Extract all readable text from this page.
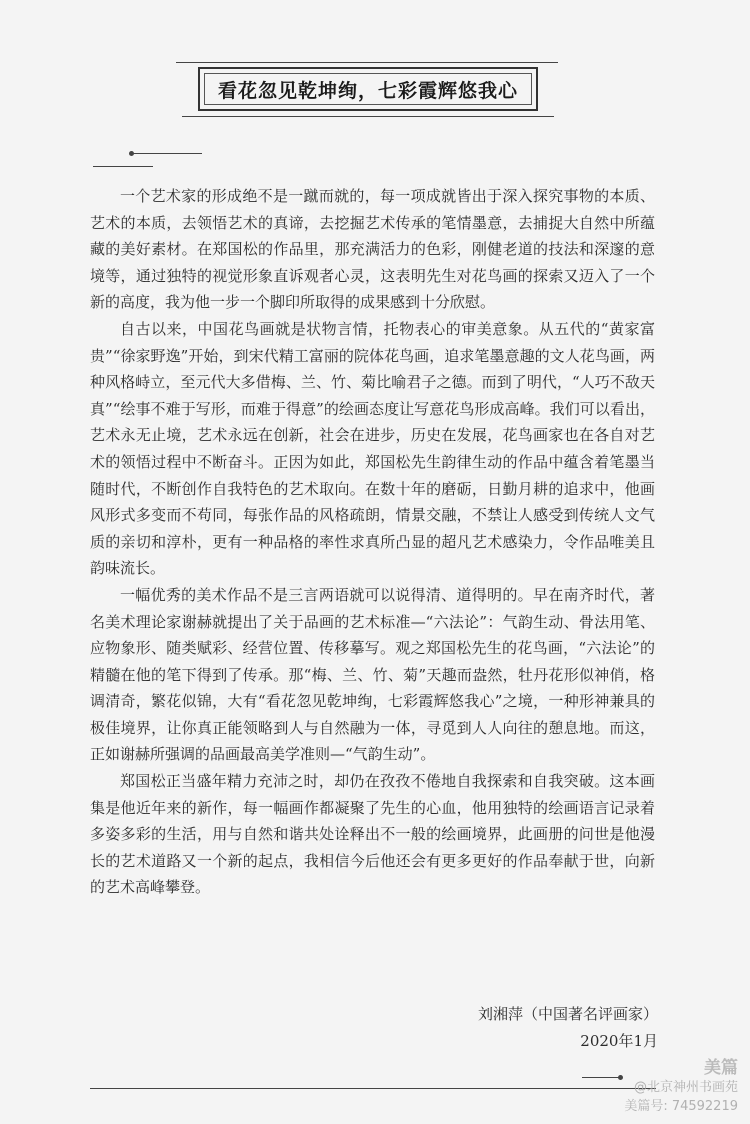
看花忽见乾坤绚，七彩霞辉悠我心

一个艺术家的形成绝不是一蹴而就的，每一项成就皆出于深入探究事物的本质、艺术的本质，去领悟艺术的真谛，去挖掘艺术传承的笔情墨意，去捕捉大自然中所蕴藏的美好素材。在郑国松的作品里，那充满活力的色彩，刚健老道的技法和深邃的意境等，通过独特的视觉形象直诉观者心灵，这表明先生对花鸟画的探索又迈入了一个新的高度，我为他一步一个脚印所取得的成果感到十分欣慰。

自古以来，中国花鸟画就是状物言情，托物表心的审美意象。从五代的“黄家富贵”“徐家野逸”开始，到宋代精工富丽的院体花鸟画，追求笔墨意趣的文人花鸟画，两种风格峙立，至元代大多借梅、兰、竹、菊比喻君子之德。而到了明代，“人巧不敌天真”“绘事不难于写形，而难于得意”的绘画态度让写意花鸟形成高峰。我们可以看出，艺术永无止境，艺术永远在创新，社会在进步，历史在发展，花鸟画家也在各自对艺术的领悟过程中不断奋斗。正因为如此，郑国松先生韵律生动的作品中蕴含着笔墨当随时代，不断创作自我特色的艺术取向。在数十年的磨砺，日勤月耕的追求中，他画风形式多变而不苟同，每张作品的风格疏朗，情景交融，不禁让人感受到传统人文气质的亲切和淳朴，更有一种品格的率性求真所凸显的超凡艺术感染力，令作品唯美且韵味流长。

一幅优秀的美术作品不是三言两语就可以说得清、道得明的。早在南齐时代，著名美术理论家谢赫就提出了关于品画的艺术标准—“六法论”：气韵生动、骨法用笔、应物象形、随类赋彩、经营位置、传移摹写。观之郑国松先生的花鸟画，“六法论”的精髓在他的笔下得到了传承。那“梅、兰、竹、菊”天趣而盎然，牡丹花形似神俏，格调清奇，繁花似锦，大有“看花忽见乾坤绚，七彩霞辉悠我心”之境，一种形神兼具的极佳境界，让你真正能领略到人与自然融为一体，寻觅到人人向往的憩息地。而这，正如谢赫所强调的品画最高美学准则—“气韵生动”。

郑国松正当盛年精力充沛之时，却仍在孜孜不倦地自我探索和自我突破。这本画集是他近年来的新作，每一幅画作都凝聚了先生的心血，他用独特的绘画语言记录着多姿多彩的生活，用与自然和谐共处诠释出不一般的绘画境界，此画册的问世是他漫长的艺术道路又一个新的起点，我相信今后他还会有更多更好的作品奉献于世，向新的艺术高峰攀登。

刘湘萍（中国著名评画家）
2020年1月
美篇
@北京神州书画苑
美篇号: 74592219
